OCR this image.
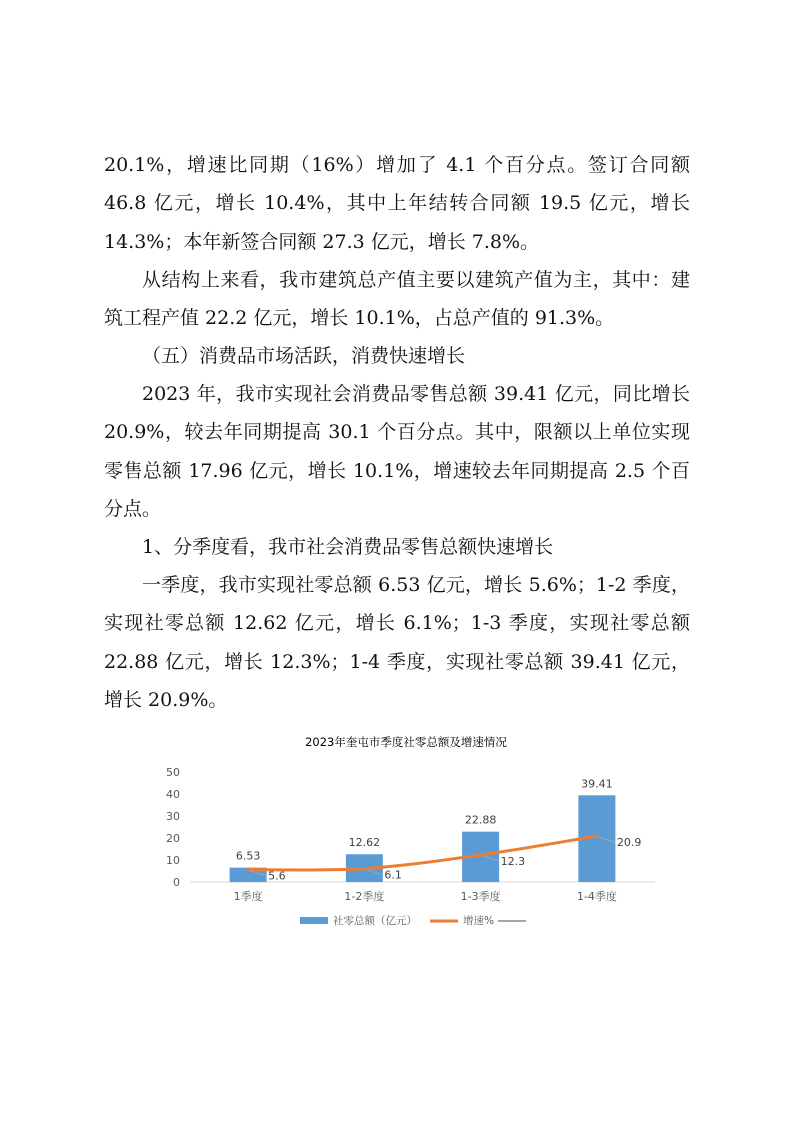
20.1%，增速比同期（16%）增加了 4.1 个百分点。签订合同额 46.8 亿元，增长 10.4%，其中上年结转合同额 19.5 亿元，增长 14.3%；本年新签合同额 27.3 亿元，增长 7.8%。

从结构上来看，我市建筑总产值主要以建筑产值为主，其中：建筑工程产值 22.2 亿元，增长 10.1%，占总产值的 91.3%。

（五）消费品市场活跃，消费快速增长

2023 年，我市实现社会消费品零售总额 39.41 亿元，同比增长 20.9%，较去年同期提高 30.1 个百分点。其中，限额以上单位实现零售总额 17.96 亿元，增长 10.1%，增速较去年同期提高 2.5 个百分点。

1、分季度看，我市社会消费品零售总额快速增长

一季度，我市实现社零总额 6.53 亿元，增长 5.6%；1-2 季度，实现社零总额 12.62 亿元，增长 6.1%；1-3 季度，实现社零总额 22.88 亿元，增长 12.3%；1-4 季度，实现社零总额 39.41 亿元，增长 20.9%。

2023年奎屯市季度社零总额及增速情况
0
10
20
30
40
50
1季度	1-2季度	1-3季度	1-4季度
6.53
12.62
22.88
39.41
5.6	6.1
12.3
20.9
社零总额（亿元）	增速%
